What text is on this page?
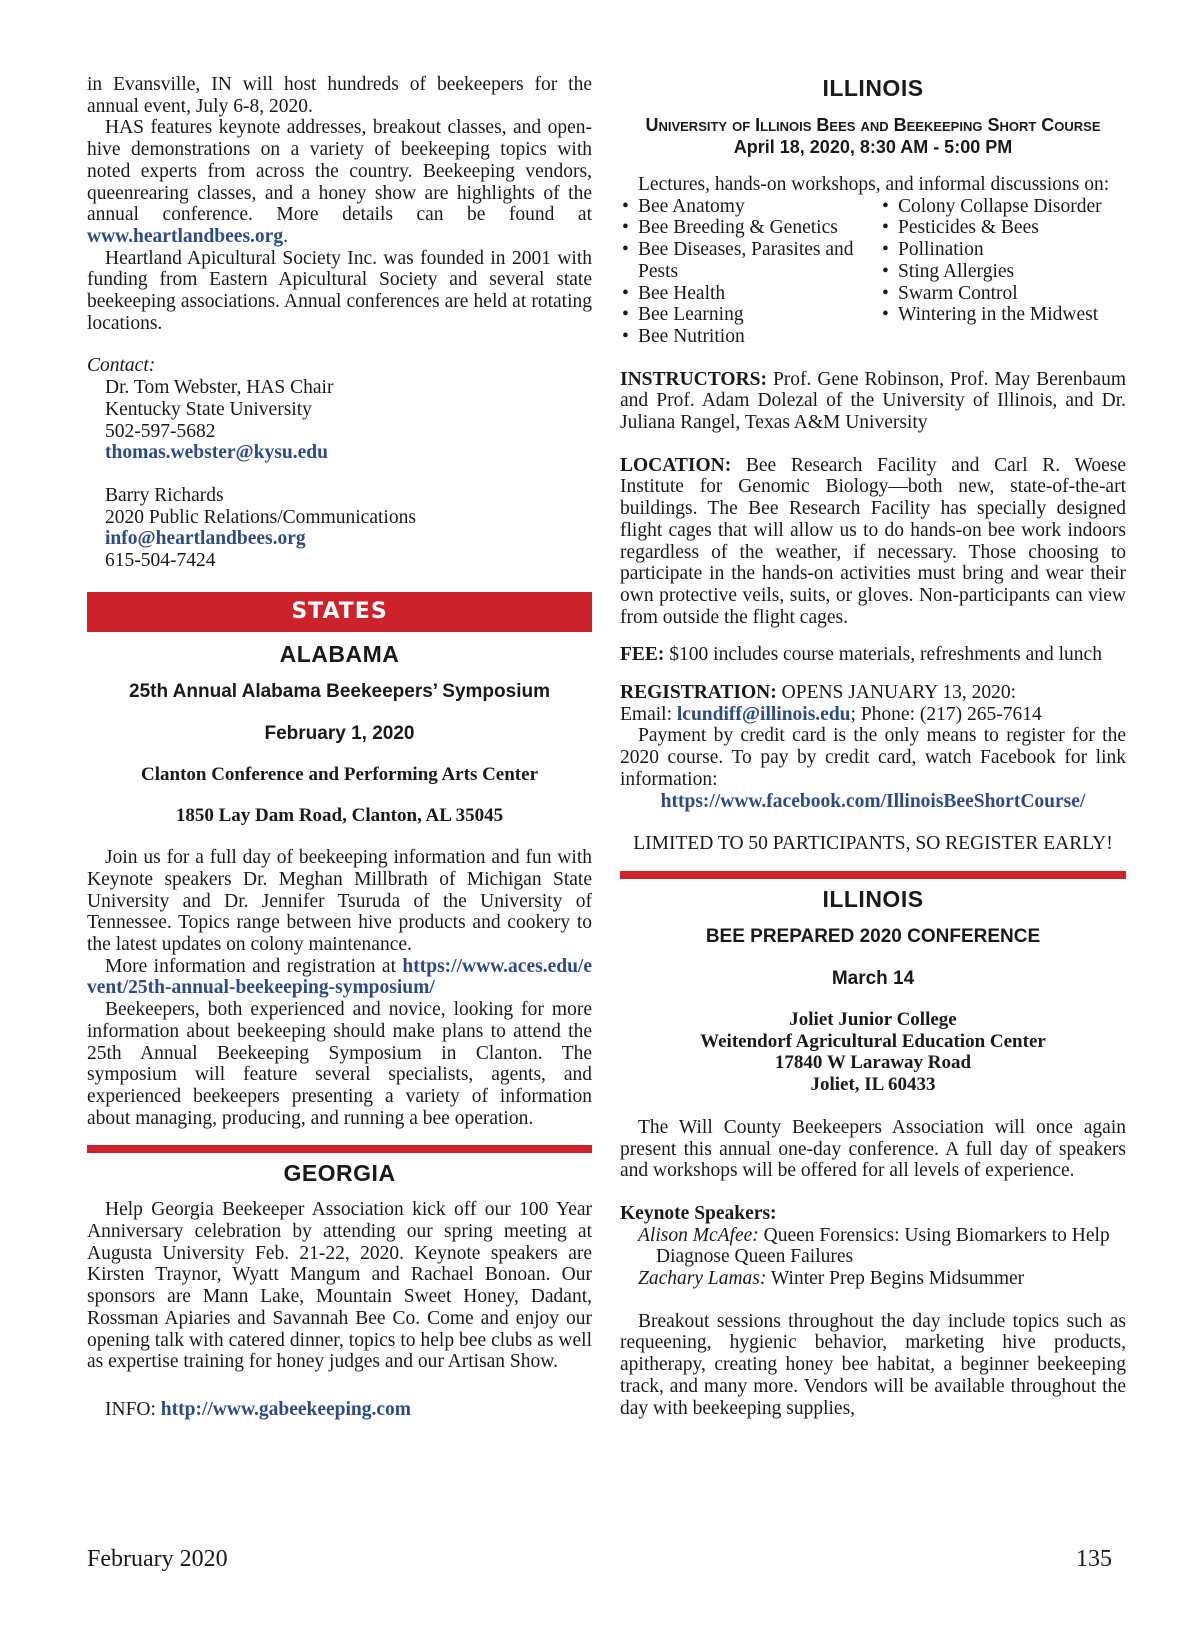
in Evansville, IN will host hundreds of beekeepers for the annual event, July 6-8, 2020.

HAS features keynote addresses, breakout classes, and open-hive demonstrations on a variety of beekeeping topics with noted experts from across the country. Beekeeping vendors, queenrearing classes, and a honey show are highlights of the annual conference. More details can be found at www.heartlandbees.org.

Heartland Apicultural Society Inc. was founded in 2001 with funding from Eastern Apicultural Society and several state beekeeping associations. Annual conferences are held at rotating locations.

Contact:

Dr. Tom Webster, HAS Chair

Kentucky State University

502-597-5682

thomas.webster@kysu.edu

Barry Richards

2020 Public Relations/Communications

info@heartlandbees.org

615-504-7424

STATES
ALABAMA
25th Annual Alabama Beekeepers’ Symposium
February 1, 2020
Clanton Conference and Performing Arts Center
1850 Lay Dam Road, Clanton, AL 35045

Join us for a full day of beekeeping information and fun with Keynote speakers Dr. Meghan Millbrath of Michigan State University and Dr. Jennifer Tsuruda of the University of Tennessee. Topics range between hive products and cookery to the latest updates on colony maintenance.

More information and registration at https://www.aces.edu/event/25th-annual-beekeeping-symposium/

Beekeepers, both experienced and novice, looking for more information about beekeeping should make plans to attend the 25th Annual Beekeeping Symposium in Clanton. The symposium will feature several specialists, agents, and experienced beekeepers presenting a variety of information about managing, producing, and running a bee operation.

GEORGIA

Help Georgia Beekeeper Association kick off our 100 Year Anniversary celebration by attending our spring meeting at Augusta University Feb. 21-22, 2020. Keynote speakers are Kirsten Traynor, Wyatt Mangum and Rachael Bonoan. Our sponsors are Mann Lake, Mountain Sweet Honey, Dadant, Rossman Apiaries and Savannah Bee Co. Come and enjoy our opening talk with catered dinner, topics to help bee clubs as well as expertise training for honey judges and our Artisan Show.

INFO: http://www.gabeekeeping.com

ILLINOIS
University of Illinois Bees and Beekeeping Short Course
April 18, 2020, 8:30 AM - 5:00 PM

Lectures, hands-on workshops, and informal discussions on:

• Bee Anatomy
• Bee Breeding & Genetics
• Bee Diseases, Parasites and Pests
• Bee Health
• Bee Learning
• Bee Nutrition
• Colony Collapse Disorder
• Pesticides & Bees
• Pollination
• Sting Allergies
• Swarm Control
• Wintering in the Midwest

INSTRUCTORS: Prof. Gene Robinson, Prof. May Berenbaum and Prof. Adam Dolezal of the University of Illinois, and Dr. Juliana Rangel, Texas A&M University

LOCATION: Bee Research Facility and Carl R. Woese Institute for Genomic Biology—both new, state-of-the-art buildings. The Bee Research Facility has specially designed flight cages that will allow us to do hands-on bee work indoors regardless of the weather, if necessary. Those choosing to participate in the hands-on activities must bring and wear their own protective veils, suits, or gloves. Non-participants can view from outside the flight cages.

FEE: $100 includes course materials, refreshments and lunch

REGISTRATION: OPENS JANUARY 13, 2020:

Email: lcundiff@illinois.edu; Phone: (217) 265-7614

Payment by credit card is the only means to register for the 2020 course. To pay by credit card, watch Facebook for link information:

https://www.facebook.com/IllinoisBeeShortCourse/

LIMITED TO 50 PARTICIPANTS, SO REGISTER EARLY!

ILLINOIS
BEE PREPARED 2020 CONFERENCE
March 14
Joliet Junior College
Weitendorf Agricultural Education Center
17840 W Laraway Road
Joliet, IL 60433

The Will County Beekeepers Association will once again present this annual one-day conference. A full day of speakers and workshops will be offered for all levels of experience.

Keynote Speakers:

Alison McAfee: Queen Forensics: Using Biomarkers to Help Diagnose Queen Failures

Zachary Lamas: Winter Prep Begins Midsummer

Breakout sessions throughout the day include topics such as requeening, hygienic behavior, marketing hive products, apitherapy, creating honey bee habitat, a beginner beekeeping track, and many more. Vendors will be available throughout the day with beekeeping supplies,

February 2020	135
